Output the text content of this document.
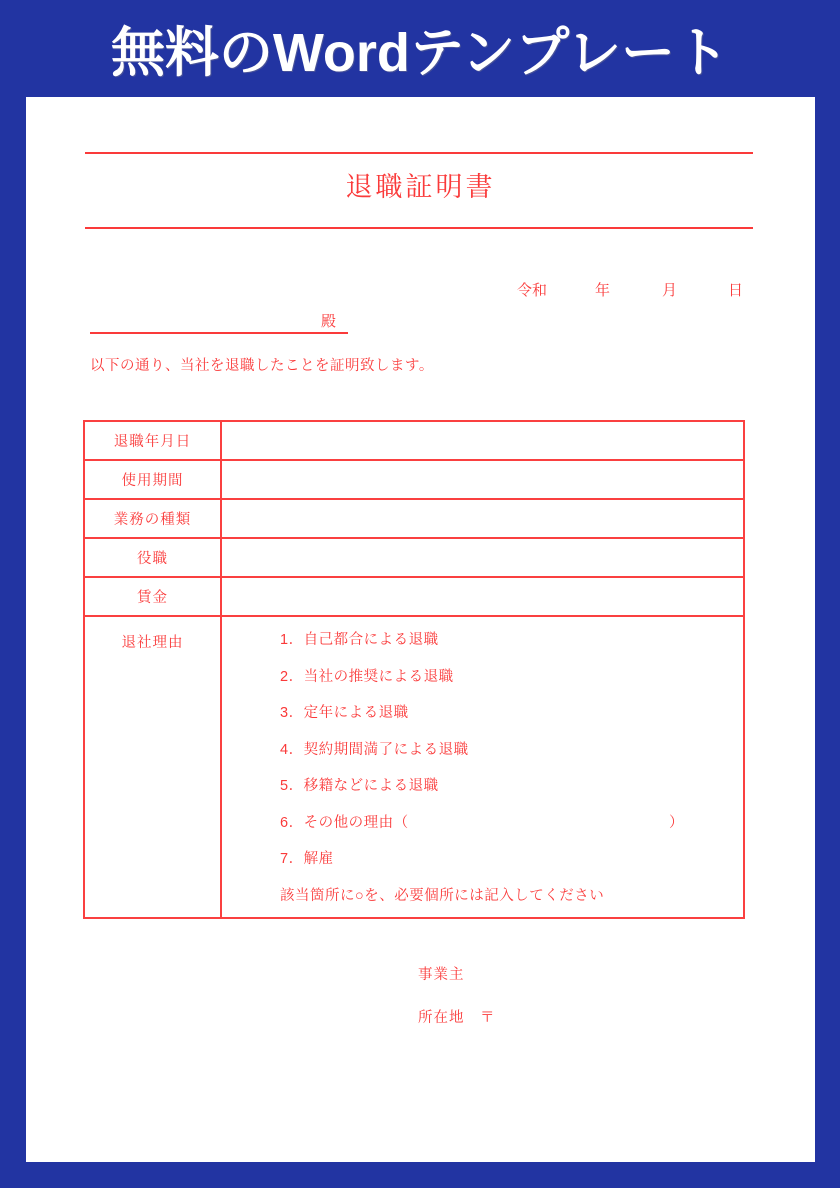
無料のWordテンプレート
退職証明書
令和	年	月	日
殿
以下の通り、当社を退職したことを証明致します。
退職年月日
使用期間
業務の種類
役職
賃金
退社理由	1．自己都合による退職
2．当社の推奨による退職
3．定年による退職
4．契約期間満了による退職
5．移籍などによる退職
6．その他の理由（	）
7．解雇
該当箇所に○を、必要個所には記入してください
事業主
所在地　〒
